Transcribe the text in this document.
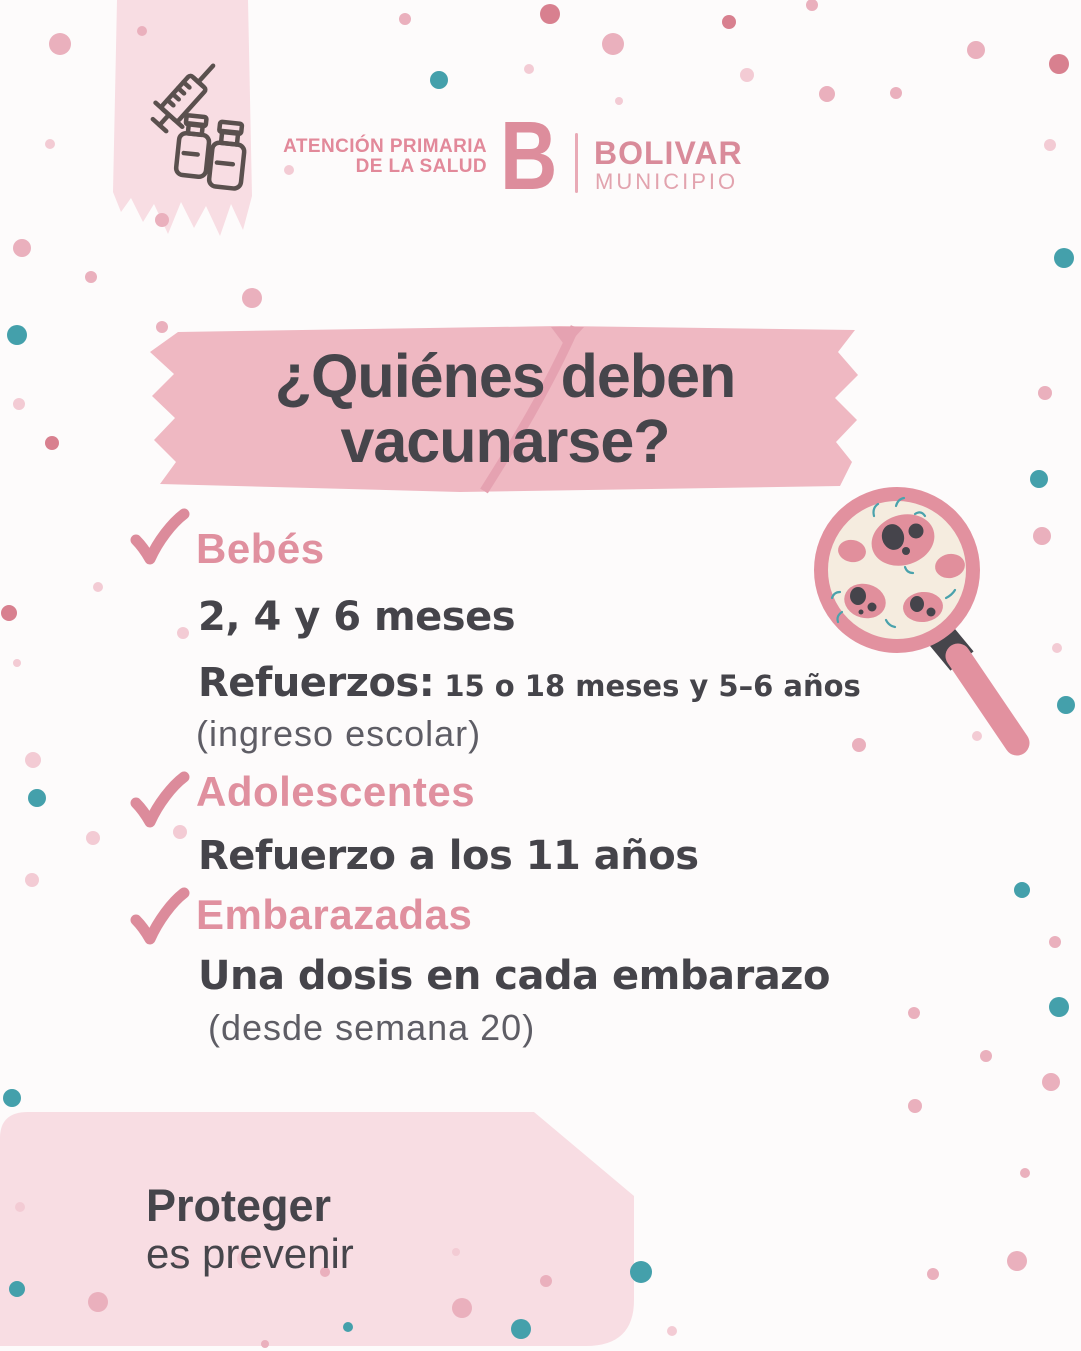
ATENCIÓN PRIMARIA
DE LA SALUD B BOLIVAR
MUNICIPIO
¿Quiénes deben
vacunarse?
Bebés
2, 4 y 6 meses
Refuerzos: 15 o 18 meses y 5–6 años
(ingreso escolar)
Adolescentes
Refuerzo a los 11 años
Embarazadas
Una dosis en cada embarazo
(desde semana 20)
Proteger
es prevenir
